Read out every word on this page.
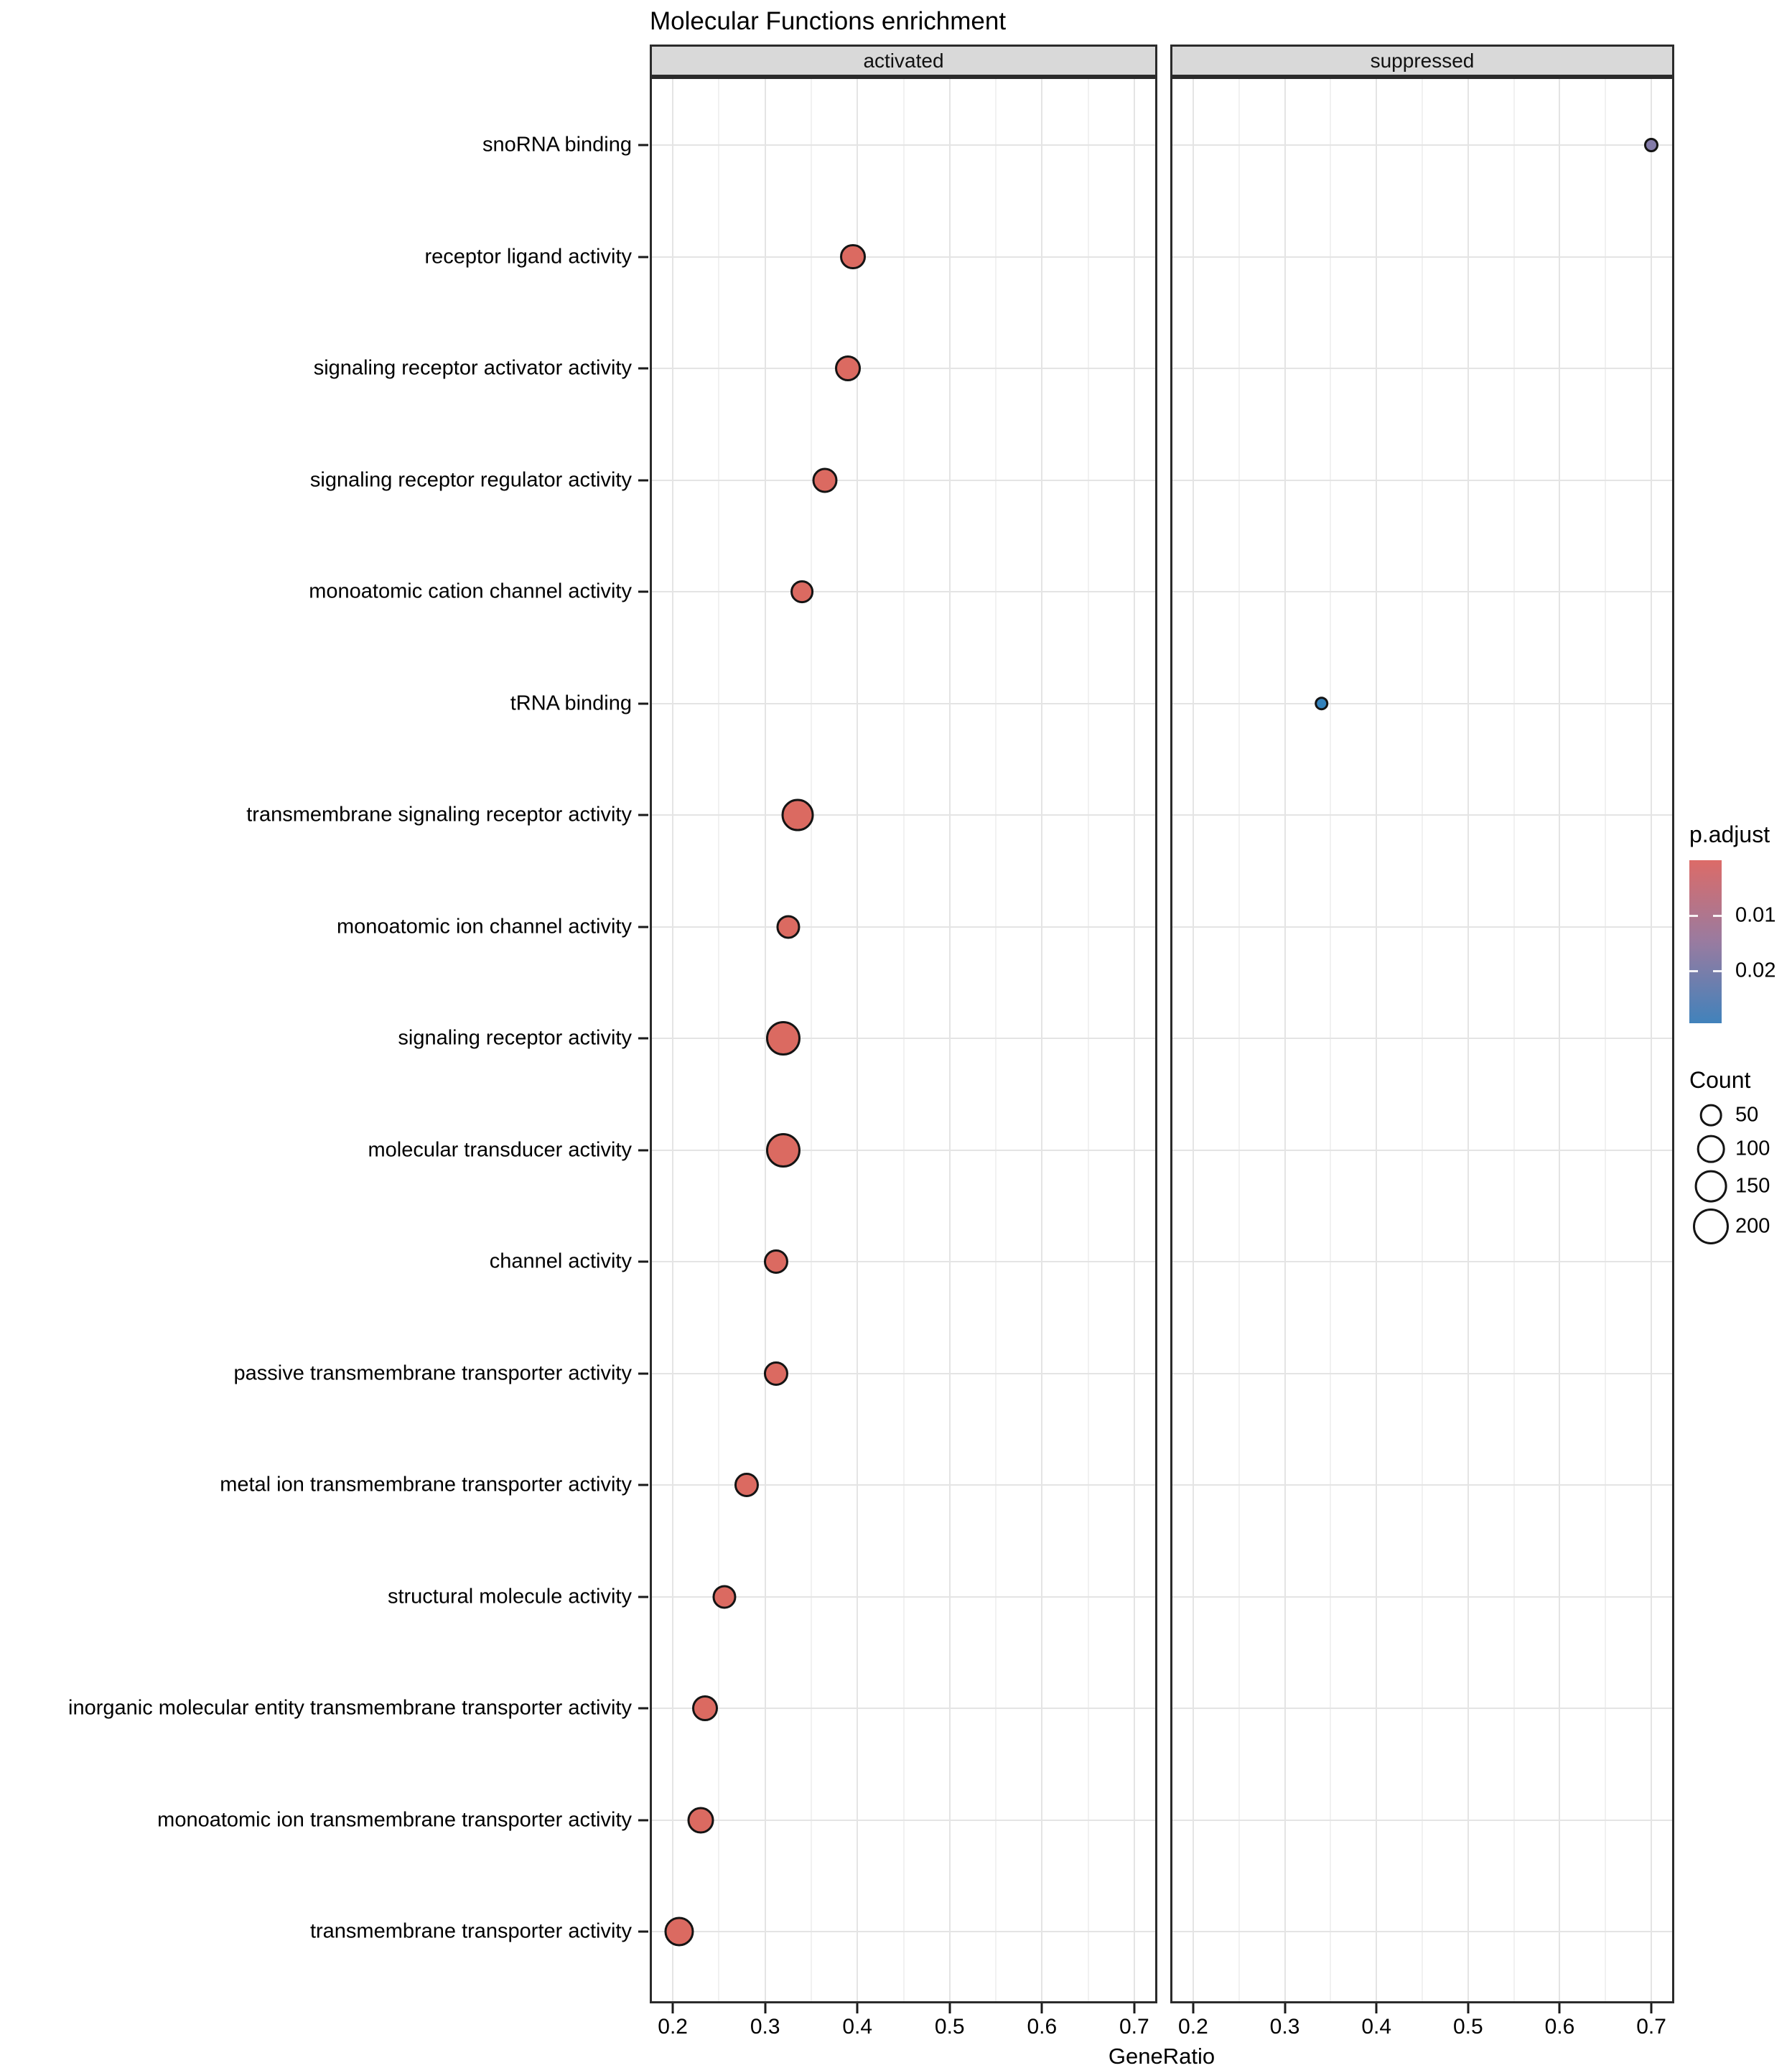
Molecular Functions enrichment
activated	suppressed
snoRNA binding
receptor ligand activity
signaling receptor activator activity
signaling receptor regulator activity
monoatomic cation channel activity
tRNA binding
transmembrane signaling receptor activity
monoatomic ion channel activity
signaling receptor activity
molecular transducer activity
channel activity
passive transmembrane transporter activity
metal ion transmembrane transporter activity
structural molecule activity
inorganic molecular entity transmembrane transporter activity
monoatomic ion transmembrane transporter activity
transmembrane transporter activity
0.2	0.3	0.4	0.5	0.6	0.7	0.2	0.3	0.4	0.5	0.6	0.7
GeneRatio
p.adjust
0.01
0.02
Count
50
100
150
200
